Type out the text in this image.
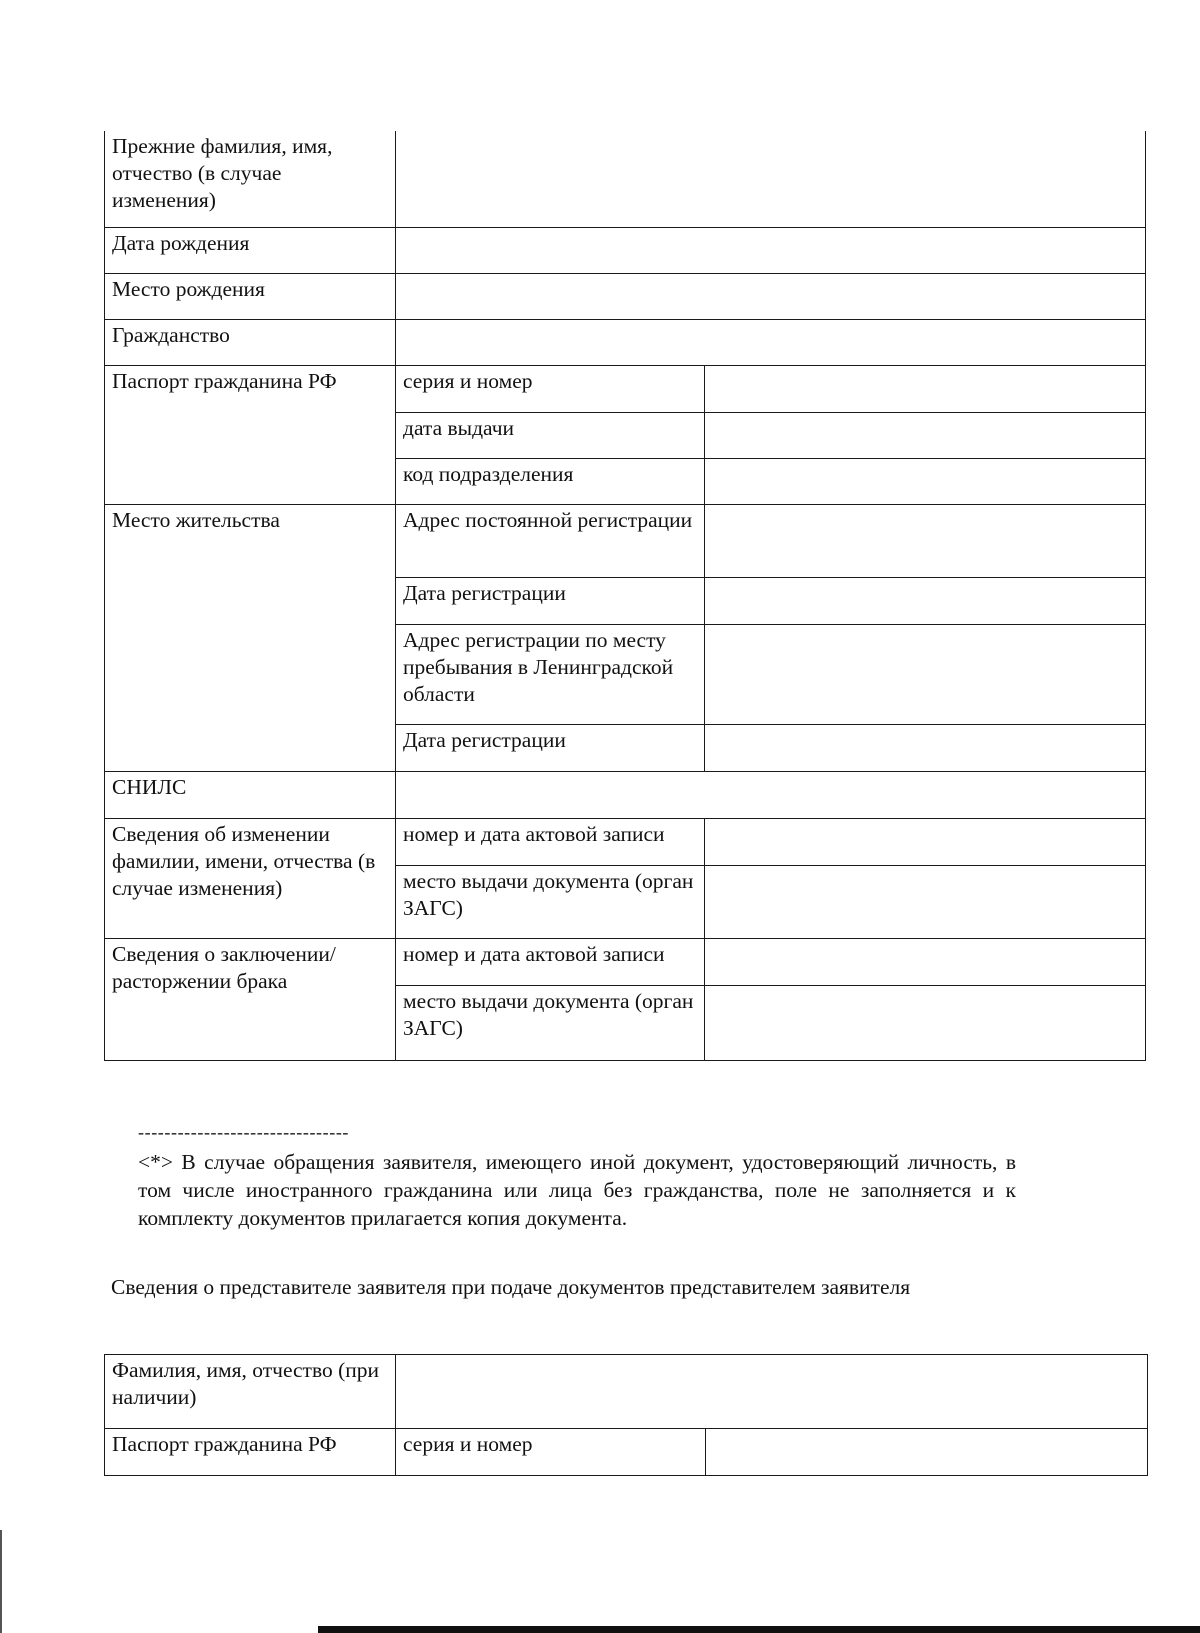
Прежние фамилия, имя, отчество (в случае изменения)		
Дата рождения		
Место рождения		
Гражданство		
Паспорт гражданина РФ	серия и номер	
	дата выдачи	
	код подразделения	
Место жительства	Адрес постоянной регистрации	
	Дата регистрации	
	Адрес регистрации по месту пребывания в Ленинградской области	
	Дата регистрации	
СНИЛС		
Сведения об изменении фамилии, имени, отчества (в случае изменения)	номер и дата актовой записи	
	место выдачи документа (орган ЗАГС)	
Сведения о заключении/расторжении брака	номер и дата актовой записи	
	место выдачи документа (орган ЗАГС)	
--------------------------------
<*> В случае обращения заявителя, имеющего иной документ, удостоверяющий личность, в том числе иностранного гражданина или лица без гражданства, поле не заполняется и к комплекту документов прилагается копия документа.
Сведения о представителе заявителя при подаче документов представителем заявителя
Фамилия, имя, отчество (при наличии)		
Паспорт гражданина РФ	серия и номер	
